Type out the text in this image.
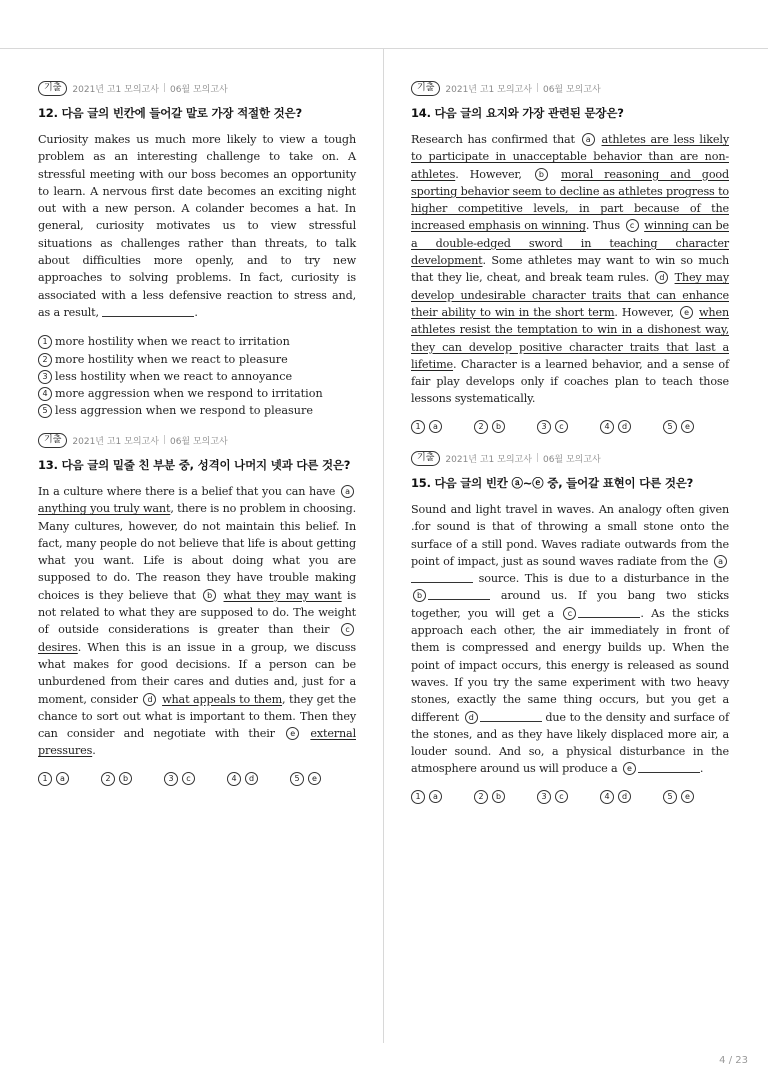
기출	2021년 고1 모의고사 | 06월 모의고사
12. 다음 글의 빈칸에 들어갈 말로 가장 적절한 것은?
Curiosity makes us much more likely to view a tough problem as an interesting challenge to take on. A stressful meeting with our boss becomes an opportunity to learn. A nervous first date becomes an exciting night out with a new person. A colander becomes a hat. In general, curiosity motivates us to view stressful situations as challenges rather than threats, to talk about difficulties more openly, and to try new approaches to solving problems. In fact, curiosity is associated with a less defensive reaction to stress and, as a result,	.
1 more hostility when we react to irritation
2 more hostility when we react to pleasure
3 less hostility when we react to annoyance
4 more aggression when we respond to irritation
5 less aggression when we respond to pleasure
기출	2021년 고1 모의고사 | 06월 모의고사
13. 다음 글의 밑줄 친 부분 중, 성격이 나머지 넷과 다른 것은?
In a culture where there is a belief that you can have a anything you truly want, there is no problem in choosing. Many cultures, however, do not maintain this belief. In fact, many people do not believe that life is about getting what you want. Life is about doing what you are supposed to do. The reason they have trouble making choices is they believe that b what they may want is not related to what they are supposed to do. The weight of outside considerations is greater than their c desires. When this is an issue in a group, we discuss what makes for good decisions. If a person can be unburdened from their cares and duties and, just for a moment, consider d what appeals to them, they get the chance to sort out what is important to them. Then they can consider and negotiate with their e external pressures.
1	a	2	b	3	c	4	d	5	e
기출	2021년 고1 모의고사 | 06월 모의고사
14. 다음 글의 요지와 가장 관련된 문장은?
Research has confirmed that a athletes are less likely to participate in unacceptable behavior than are non-athletes. However, b moral reasoning and good sporting behavior seem to decline as athletes progress to higher competitive levels, in part because of the increased emphasis on winning. Thus c winning can be a double-edged sword in teaching character development. Some athletes may want to win so much that they lie, cheat, and break team rules. d They may develop undesirable character traits that can enhance their ability to win in the short term. However, e when athletes resist the temptation to win in a dishonest way, they can develop positive character traits that last a lifetime. Character is a learned behavior, and a sense of fair play develops only if coaches plan to teach those lessons systematically.
1	a	2	b	3	c	4	d	5	e
기출	2021년 고1 모의고사 | 06월 모의고사
15. 다음 글의 빈칸 ⓐ~ⓔ 중, 들어갈 표현이 다른 것은?
Sound and light travel in waves. An analogy often given .for sound is that of throwing a small stone onto the surface of a still pond. Waves radiate outwards from the point of impact, just as sound waves radiate from the a source. This is due to a disturbance in the b	around us. If you bang two sticks together, you will get a c	. As the sticks approach each other, the air immediately in front of them is compressed and energy builds up. When the point of impact occurs, this energy is released as sound waves. If you try the same experiment with two heavy stones, exactly the same thing occurs, but you get a different d	due to the density and surface of the stones, and as they have likely displaced more air, a louder sound. And so, a physical disturbance in the atmosphere around us will produce a e	.
1	a	2	b	3	c	4	d	5	e
4 / 23
